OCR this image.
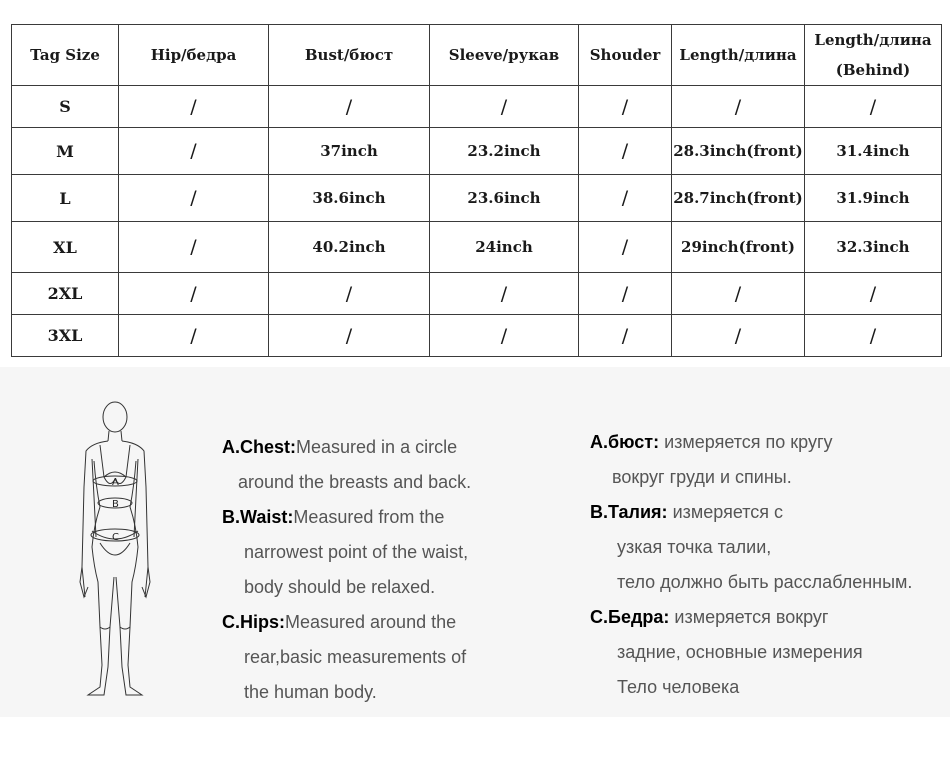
Tag Size	Hip/бедра	Bust/бюст	Sleeve/рукав	Shouder	Length/длина	Length/длина (Behind)
S	/	/	/	/	/	/
M	/	37inch	23.2inch	/	28.3inch(front)	31.4inch
L	/	38.6inch	23.6inch	/	28.7inch(front)	31.9inch
XL	/	40.2inch	24inch	/	29inch(front)	32.3inch
2XL	/	/	/	/	/	/
3XL	/	/	/	/	/	/
A
B
C
A.Chest:Measured in a circle
around the breasts and back.
B.Waist:Measured from the
narrowest point of the waist,
body should be relaxed.
C.Hips:Measured around the
rear,basic measurements of
the human body.
A.бюст: измеряется по кругу
вокруг груди и спины.
B.Талия: измеряется с
узкая точка талии,
тело должно быть расслабленным.
C.Бедра: измеряется вокруг
задние, основные измерения
Тело человека
